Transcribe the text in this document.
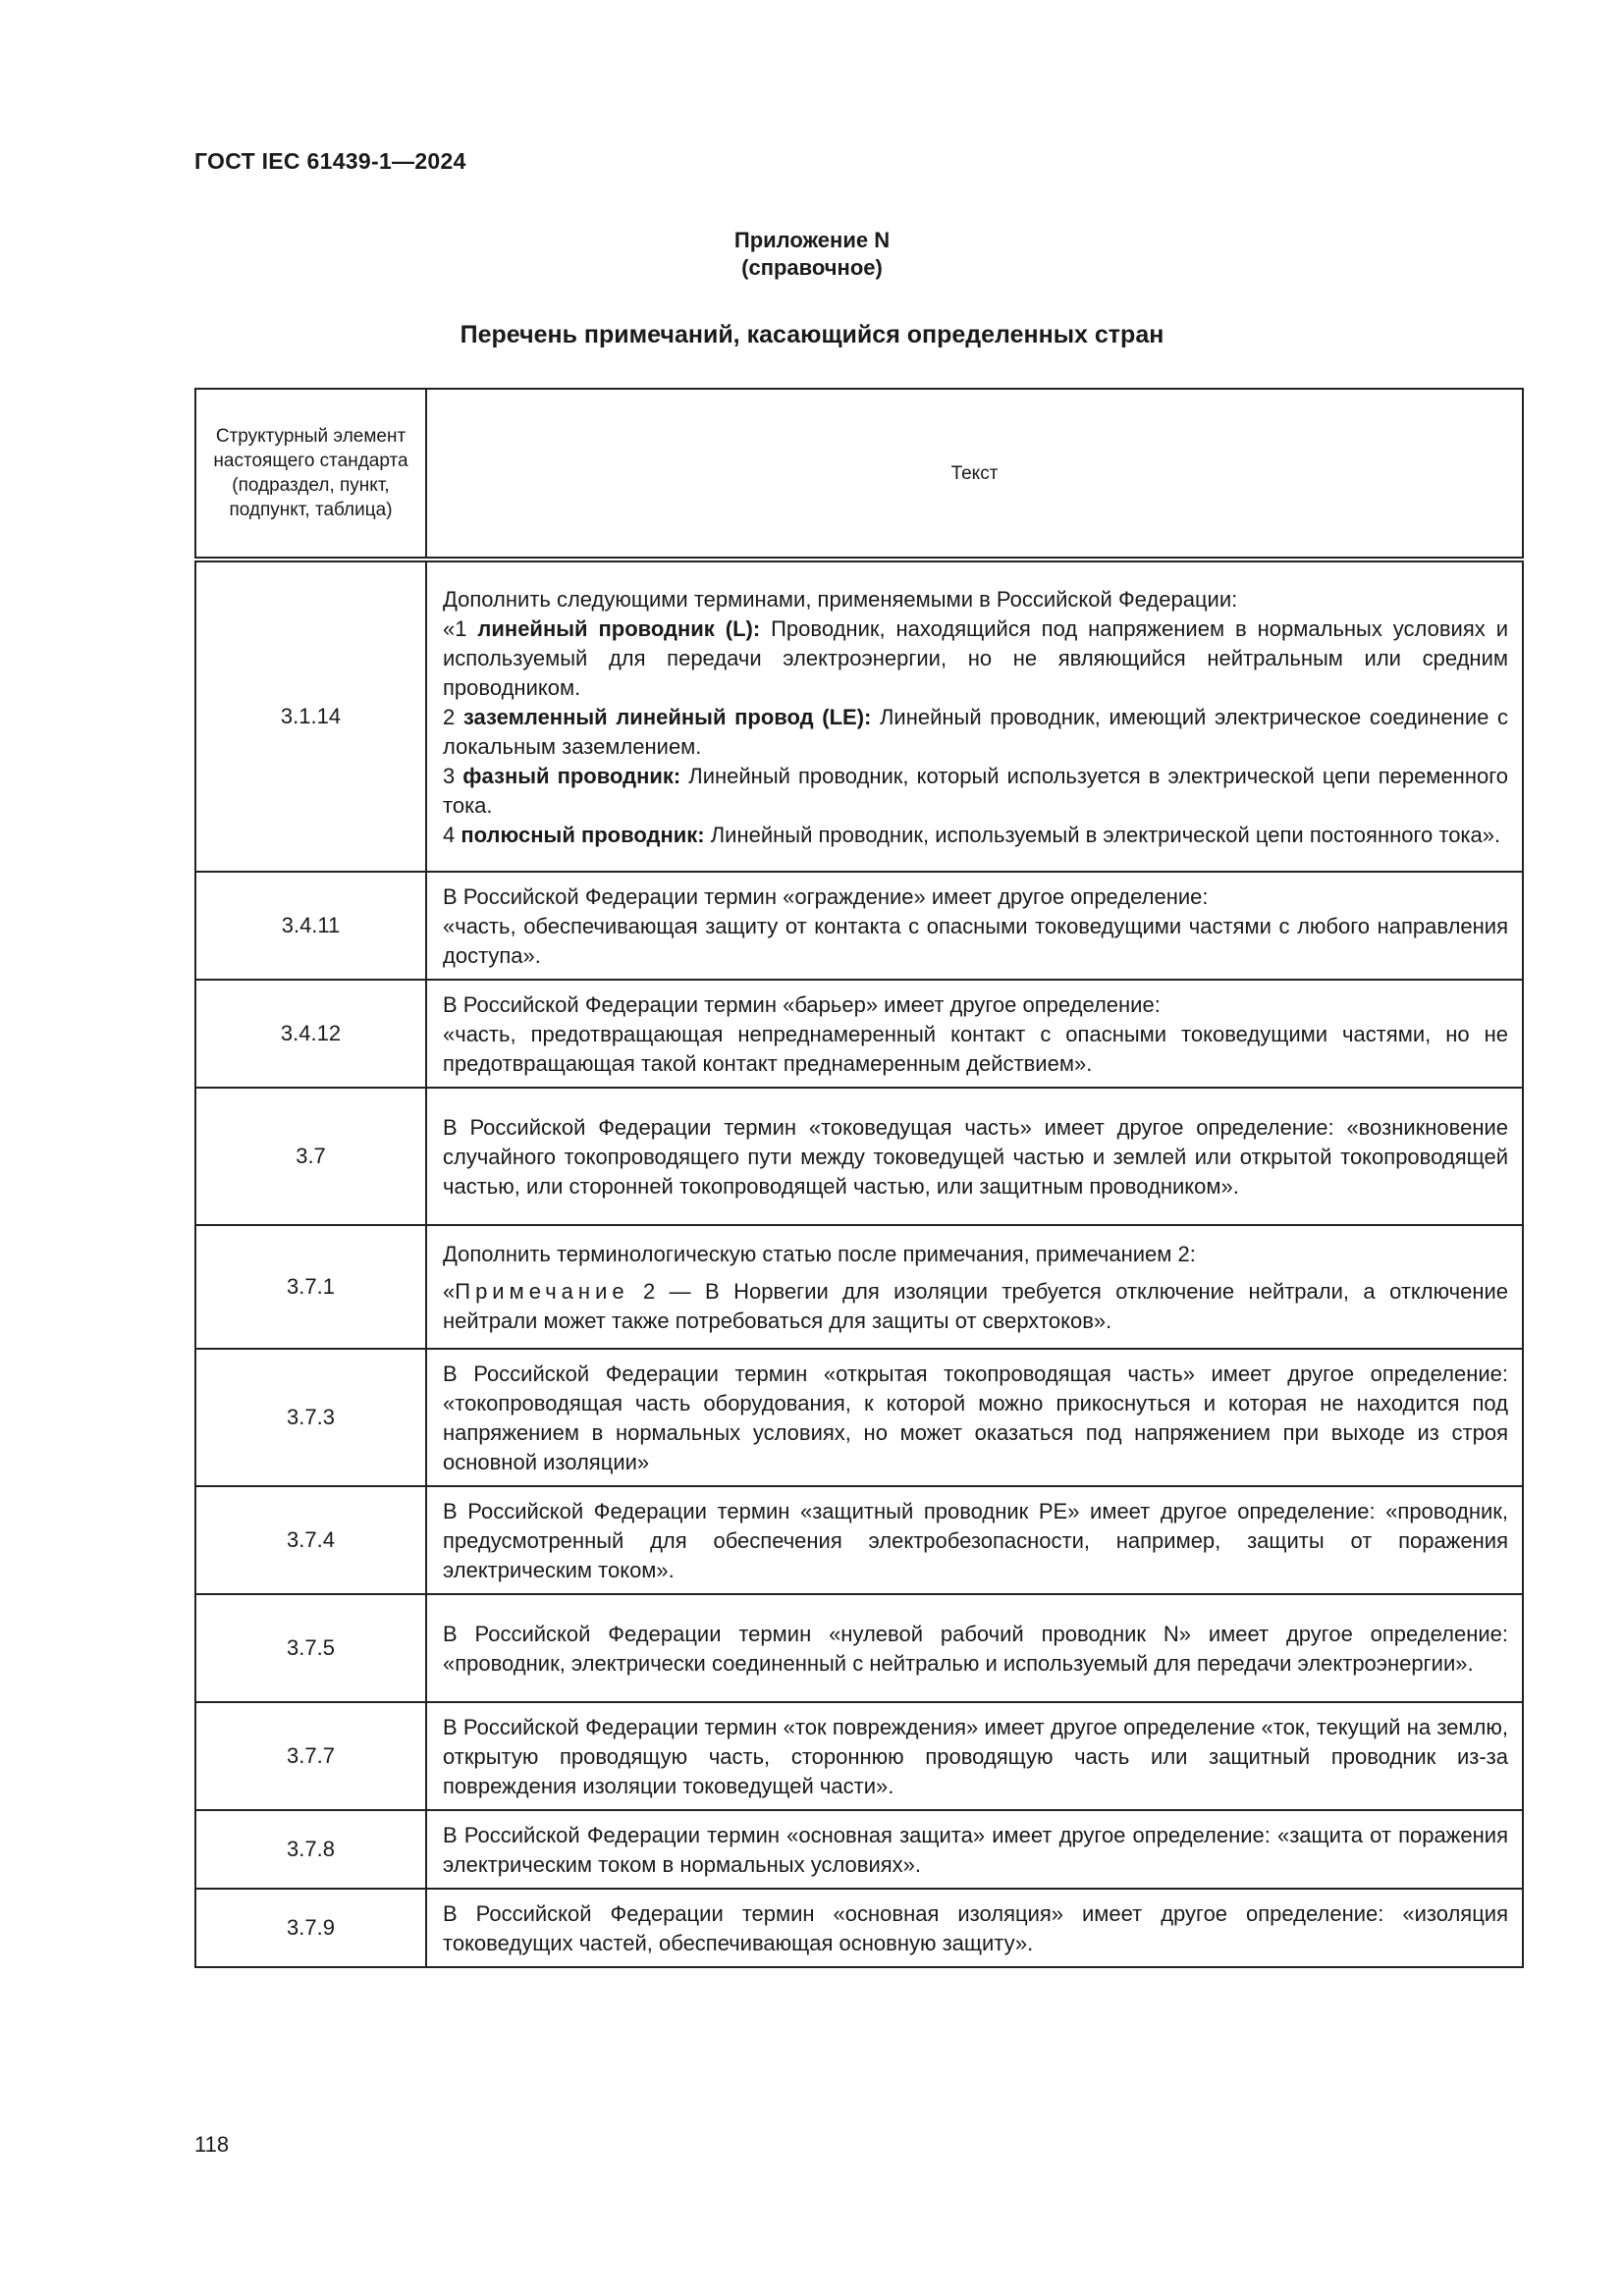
ГОСТ IEC 61439-1—2024
Приложение N
(справочное)
Перечень примечаний, касающийся определенных стран
Структурный элемент настоящего стандарта (подраздел, пункт, подпункт, таблица)	Текст
3.1.14	Дополнить следующими терминами, применяемыми в Российской Федерации:

«1 линейный проводник (L): Проводник, находящийся под напряжением в нормальных условиях и используемый для передачи электроэнергии, но не являющийся нейтральным или средним проводником.

2 заземленный линейный провод (LE): Линейный проводник, имеющий электрическое соединение с локальным заземлением.

3 фазный проводник: Линейный проводник, который используется в электрической цепи переменного тока.

4 полюсный проводник: Линейный проводник, используемый в электрической цепи постоянного тока».

3.4.11	В Российской Федерации термин «ограждение» имеет другое определение:

«часть, обеспечивающая защиту от контакта с опасными токоведущими частями с любого направления доступа».

3.4.12	В Российской Федерации термин «барьер» имеет другое определение:

«часть, предотвращающая непреднамеренный контакт с опасными токоведущими частями, но не предотвращающая такой контакт преднамеренным действием».

3.7	В Российской Федерации термин «токоведущая часть» имеет другое определение: «возникновение случайного токопроводящего пути между токоведущей частью и землей или открытой токопроводящей частью, или сторонней токопроводящей частью, или защитным проводником».

3.7.1	Дополнить терминологическую статью после примечания, примечанием 2:

«Примечание 2 — В Норвегии для изоляции требуется отключение нейтрали, а отключение нейтрали может также потребоваться для защиты от сверхтоков».

3.7.3	В Российской Федерации термин «открытая токопроводящая часть» имеет другое определение: «токопроводящая часть оборудования, к которой можно прикоснуться и которая не находится под напряжением в нормальных условиях, но может оказаться под напряжением при выходе из строя основной изоляции»

3.7.4	В Российской Федерации термин «защитный проводник РЕ» имеет другое определение: «проводник, предусмотренный для обеспечения электробезопасности, например, защиты от поражения электрическим током».

3.7.5	В Российской Федерации термин «нулевой рабочий проводник N» имеет другое определение: «проводник, электрически соединенный с нейтралью и используемый для передачи электроэнергии».

3.7.7	В Российской Федерации термин «ток повреждения» имеет другое определение «ток, текущий на землю, открытую проводящую часть, стороннюю проводящую часть или защитный проводник из-за повреждения изоляции токоведущей части».

3.7.8	В Российской Федерации термин «основная защита» имеет другое определение: «защита от поражения электрическим током в нормальных условиях».

3.7.9	В Российской Федерации термин «основная изоляция» имеет другое определение: «изоляция токоведущих частей, обеспечивающая основную защиту».

118
